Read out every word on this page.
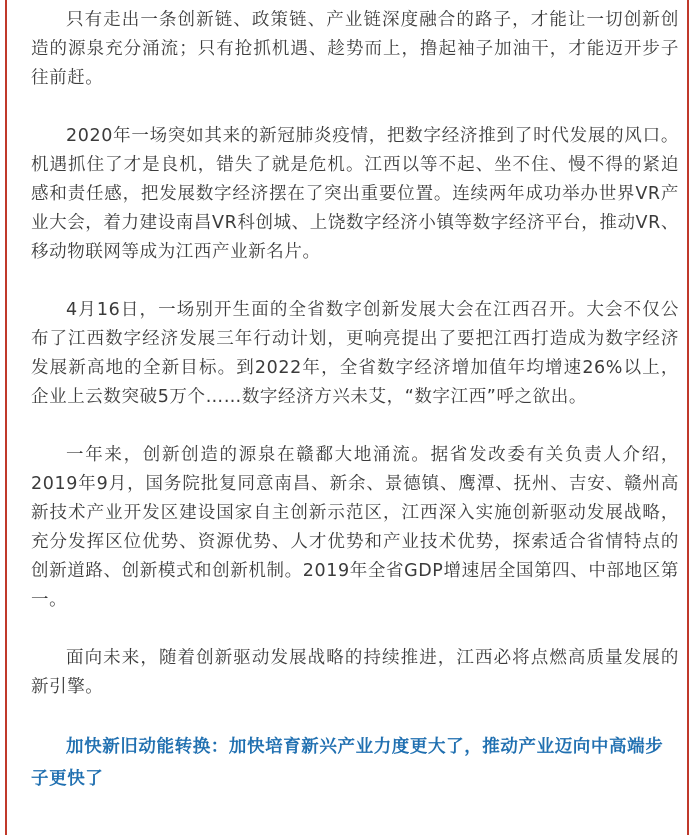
只有走出一条创新链、政策链、产业链深度融合的路子，才能让一切创新创造的源泉充分涌流；只有抢抓机遇、趁势而上，撸起袖子加油干，才能迈开步子往前赶。

2020年一场突如其来的新冠肺炎疫情，把数字经济推到了时代发展的风口。机遇抓住了才是良机，错失了就是危机。江西以等不起、坐不住、慢不得的紧迫感和责任感，把发展数字经济摆在了突出重要位置。连续两年成功举办世界VR产业大会，着力建设南昌VR科创城、上饶数字经济小镇等数字经济平台，推动VR、移动物联网等成为江西产业新名片。

4月16日，一场别开生面的全省数字创新发展大会在江西召开。大会不仅公布了江西数字经济发展三年行动计划，更响亮提出了要把江西打造成为数字经济发展新高地的全新目标。到2022年，全省数字经济增加值年均增速26%以上，企业上云数突破5万个……数字经济方兴未艾，“数字江西”呼之欲出。

一年来，创新创造的源泉在赣鄱大地涌流。据省发改委有关负责人介绍，2019年9月，国务院批复同意南昌、新余、景德镇、鹰潭、抚州、吉安、赣州高新技术产业开发区建设国家自主创新示范区，江西深入实施创新驱动发展战略，充分发挥区位优势、资源优势、人才优势和产业技术优势，探索适合省情特点的创新道路、创新模式和创新机制。2019年全省GDP增速居全国第四、中部地区第一。

面向未来，随着创新驱动发展战略的持续推进，江西必将点燃高质量发展的新引擎。

加快新旧动能转换：加快培育新兴产业力度更大了，推动产业迈向中高端步子更快了
